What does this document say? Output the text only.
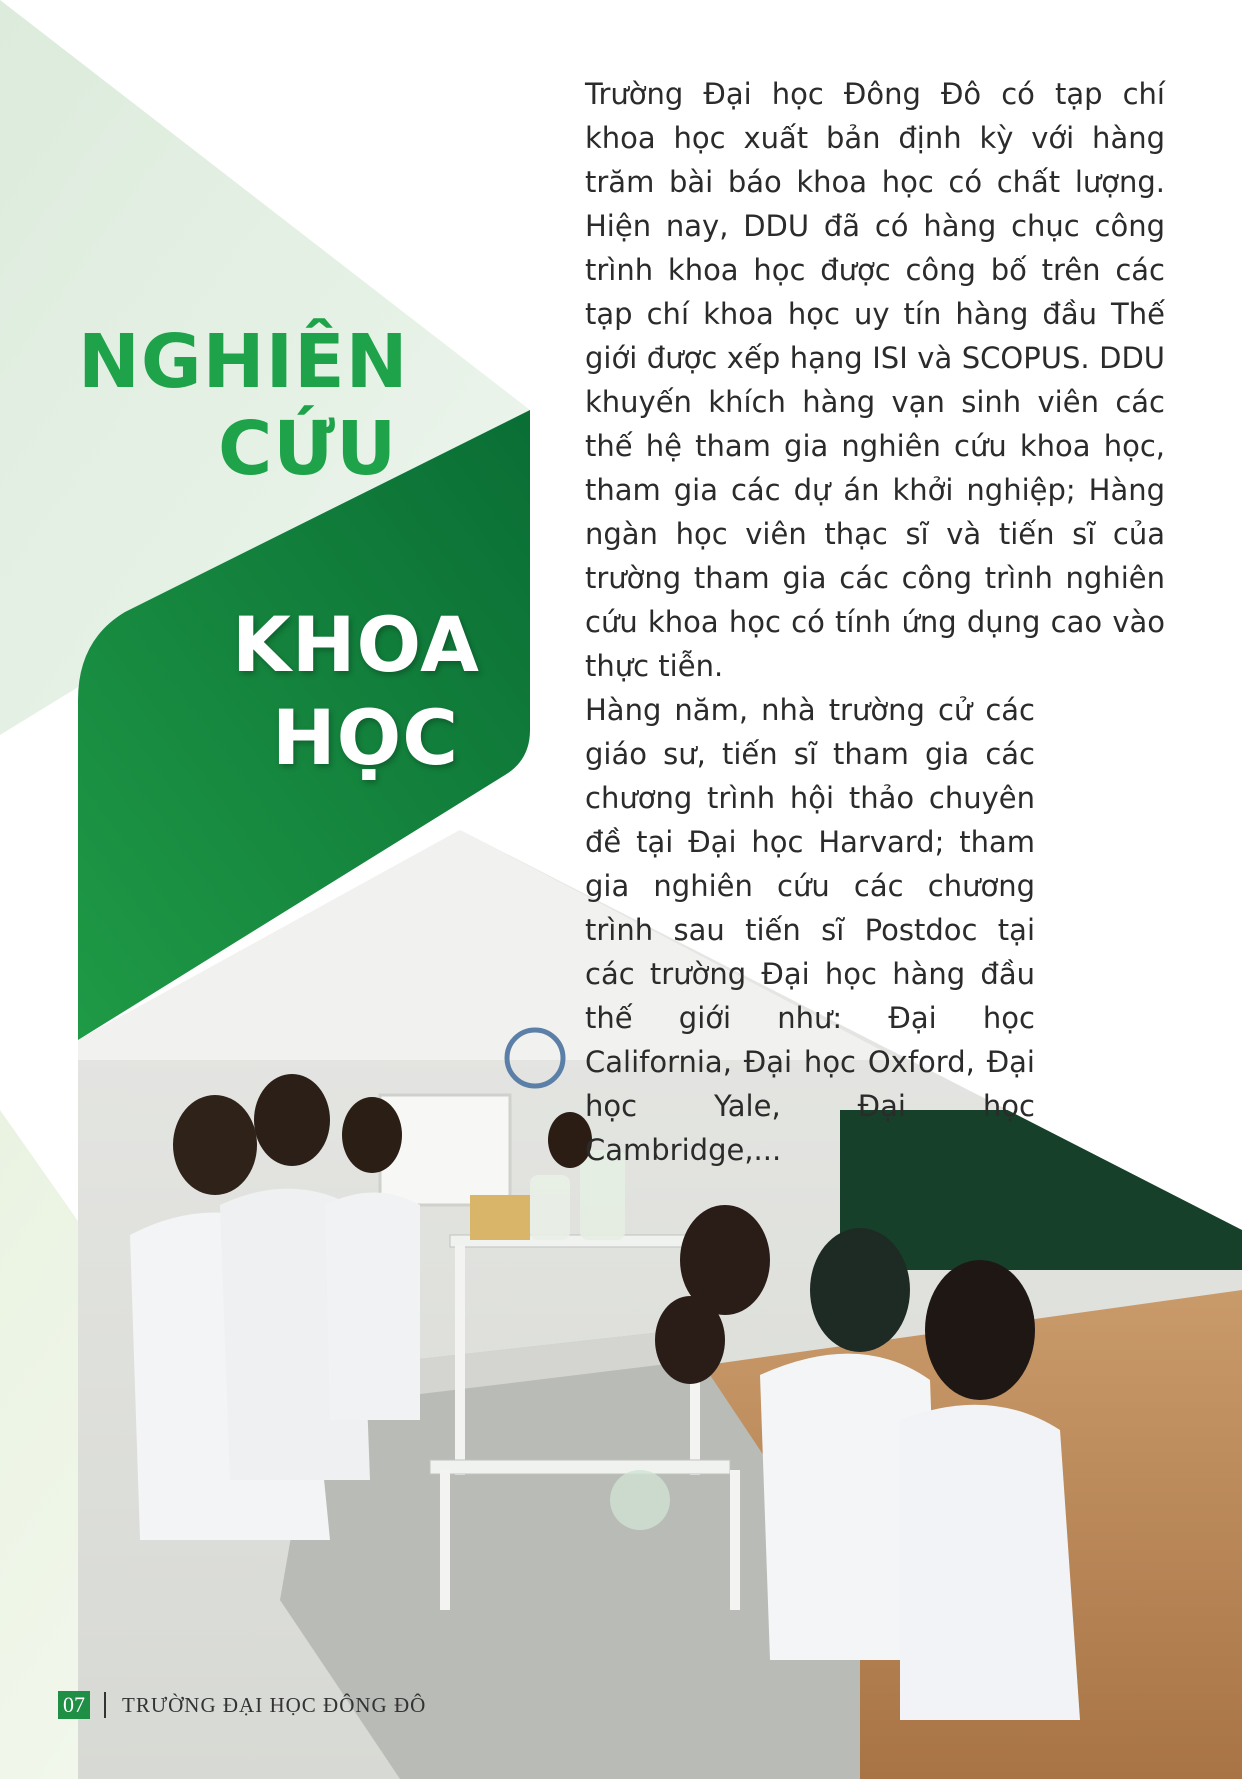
NGHIÊN
CỨU
KHOA
HỌC

Trường Đại học Đông Đô có tạp chí khoa học xuất bản định kỳ với hàng trăm bài báo khoa học có chất lượng. Hiện nay, DDU đã có hàng chục công trình khoa học được công bố trên các tạp chí khoa học uy tín hàng đầu Thế giới được xếp hạng ISI và SCOPUS. DDU khuyến khích hàng vạn sinh viên các thế hệ tham gia nghiên cứu khoa học, tham gia các dự án khởi nghiệp; Hàng ngàn học viên thạc sĩ và tiến sĩ của trường tham gia các công trình nghiên cứu khoa học có tính ứng dụng cao vào thực tiễn.

Hàng năm, nhà trường cử các giáo sư, tiến sĩ tham gia các chương trình hội thảo chuyên đề tại Đại học Harvard; tham gia nghiên cứu các chương trình sau tiến sĩ Postdoc tại các trường Đại học hàng đầu thế giới như: Đại học California, Đại học Oxford, Đại học Yale, Đại học Cambridge,...

07 TRƯỜNG ĐẠI HỌC ĐÔNG ĐÔ
